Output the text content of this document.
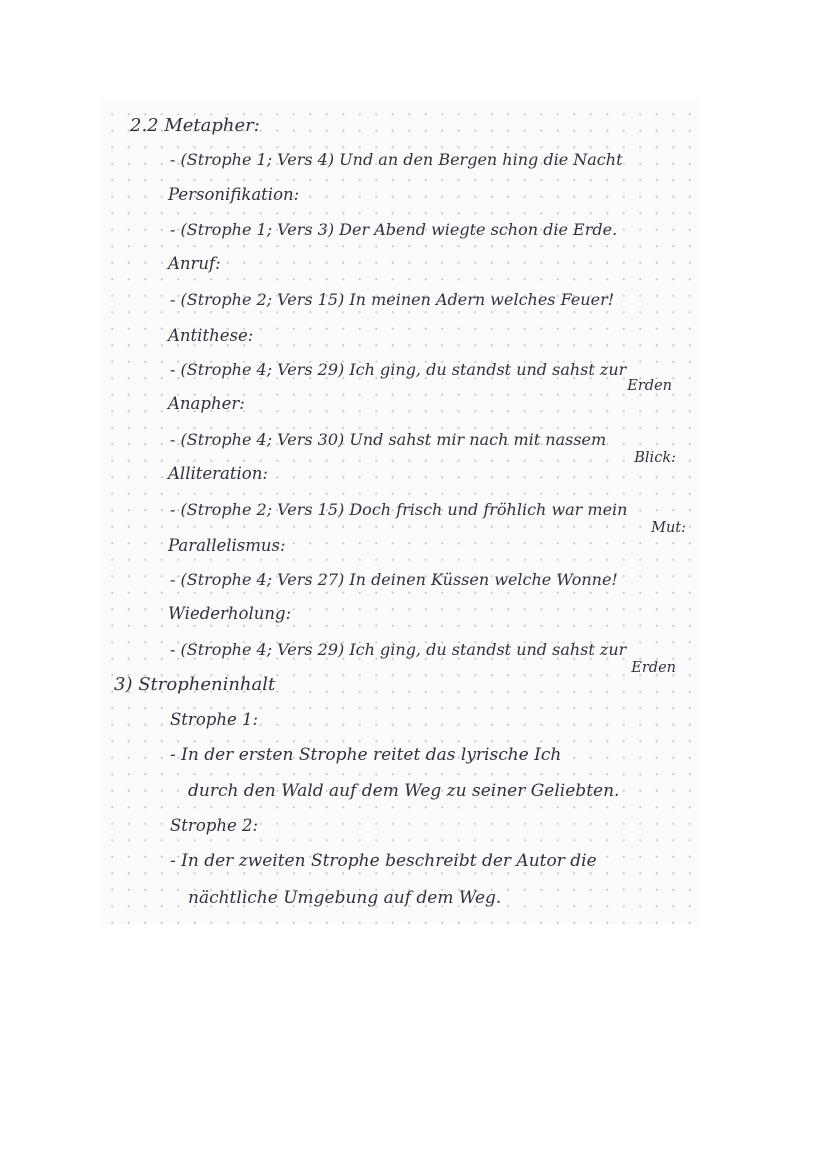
2.2 Metapher:
- (Strophe 1; Vers 4) Und an den Bergen hing die Nacht
Personifikation:
- (Strophe 1; Vers 3) Der Abend wiegte schon die Erde.
Anruf:
- (Strophe 2; Vers 15) In meinen Adern welches Feuer!
Antithese:
- (Strophe 4; Vers 29) Ich ging, du standst und sahst zur
Erden
Anapher:
- (Strophe 4; Vers 30) Und sahst mir nach mit nassem
Blick:
Alliteration:
- (Strophe 2; Vers 15) Doch frisch und fröhlich war mein
Mut:
Parallelismus:
- (Strophe 4; Vers 27) In deinen Küssen welche Wonne!
Wiederholung:
- (Strophe 4; Vers 29) Ich ging, du standst und sahst zur
Erden
3) Stropheninhalt
Strophe 1:
- In der ersten Strophe reitet das lyrische Ich
durch den Wald auf dem Weg zu seiner Geliebten.
Strophe 2:
- In der zweiten Strophe beschreibt der Autor die
nächtliche Umgebung auf dem Weg.
